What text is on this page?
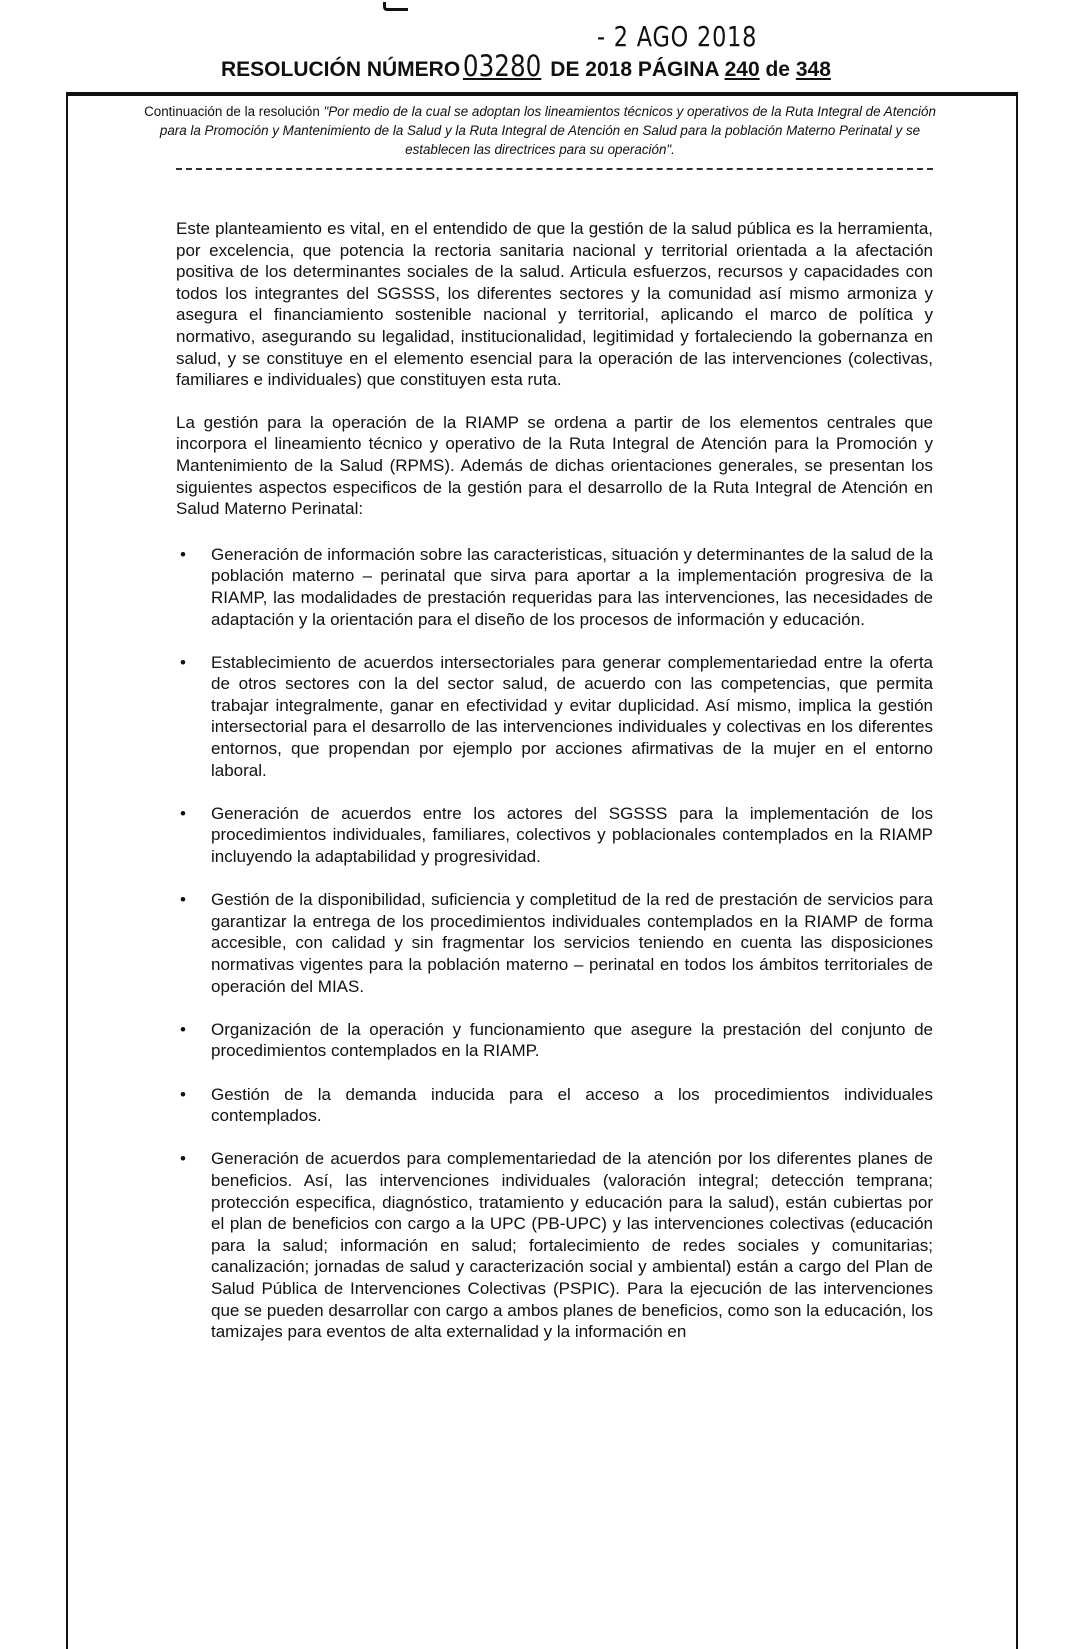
- 2 AGO 2018
RESOLUCIÓN NÚMERO 03280 DE 2018 PÁGINA 240 de 348
Continuación de la resolución "Por medio de la cual se adoptan los lineamientos técnicos y operativos de la Ruta Integral de Atención para la Promoción y Mantenimiento de la Salud y la Ruta Integral de Atención en Salud para la población Materno Perinatal y se establecen las directrices para su operación".

Este planteamiento es vital, en el entendido de que la gestión de la salud pública es la herramienta, por excelencia, que potencia la rectoria sanitaria nacional y territorial orientada a la afectación positiva de los determinantes sociales de la salud. Articula esfuerzos, recursos y capacidades con todos los integrantes del SGSSS, los diferentes sectores y la comunidad así mismo armoniza y asegura el financiamiento sostenible nacional y territorial, aplicando el marco de política y normativo, asegurando su legalidad, institucionalidad, legitimidad y fortaleciendo la gobernanza en salud, y se constituye en el elemento esencial para la operación de las intervenciones (colectivas, familiares e individuales) que constituyen esta ruta.

La gestión para la operación de la RIAMP se ordena a partir de los elementos centrales que incorpora el lineamiento técnico y operativo de la Ruta Integral de Atención para la Promoción y Mantenimiento de la Salud (RPMS). Además de dichas orientaciones generales, se presentan los siguientes aspectos especificos de la gestión para el desarrollo de la Ruta Integral de Atención en Salud Materno Perinatal:

• Generación de información sobre las caracteristicas, situación y determinantes de la salud de la población materno – perinatal que sirva para aportar a la implementación progresiva de la RIAMP, las modalidades de prestación requeridas para las intervenciones, las necesidades de adaptación y la orientación para el diseño de los procesos de información y educación.
• Establecimiento de acuerdos intersectoriales para generar complementariedad entre la oferta de otros sectores con la del sector salud, de acuerdo con las competencias, que permita trabajar integralmente, ganar en efectividad y evitar duplicidad. Así mismo, implica la gestión intersectorial para el desarrollo de las intervenciones individuales y colectivas en los diferentes entornos, que propendan por ejemplo por acciones afirmativas de la mujer en el entorno laboral.
• Generación de acuerdos entre los actores del SGSSS para la implementación de los procedimientos individuales, familiares, colectivos y poblacionales contemplados en la RIAMP incluyendo la adaptabilidad y progresividad.
• Gestión de la disponibilidad, suficiencia y completitud de la red de prestación de servicios para garantizar la entrega de los procedimientos individuales contemplados en la RIAMP de forma accesible, con calidad y sin fragmentar los servicios teniendo en cuenta las disposiciones normativas vigentes para la población materno – perinatal en todos los ámbitos territoriales de operación del MIAS.
• Organización de la operación y funcionamiento que asegure la prestación del conjunto de procedimientos contemplados en la RIAMP.
• Gestión de la demanda inducida para el acceso a los procedimientos individuales contemplados.
• Generación de acuerdos para complementariedad de la atención por los diferentes planes de beneficios. Así, las intervenciones individuales (valoración integral; detección temprana; protección especifica, diagnóstico, tratamiento y educación para la salud), están cubiertas por el plan de beneficios con cargo a la UPC (PB-UPC) y las intervenciones colectivas (educación para la salud; información en salud; fortalecimiento de redes sociales y comunitarias; canalización; jornadas de salud y caracterización social y ambiental) están a cargo del Plan de Salud Pública de Intervenciones Colectivas (PSPIC). Para la ejecución de las intervenciones que se pueden desarrollar con cargo a ambos planes de beneficios, como son la educación, los tamizajes para eventos de alta externalidad y la información en
